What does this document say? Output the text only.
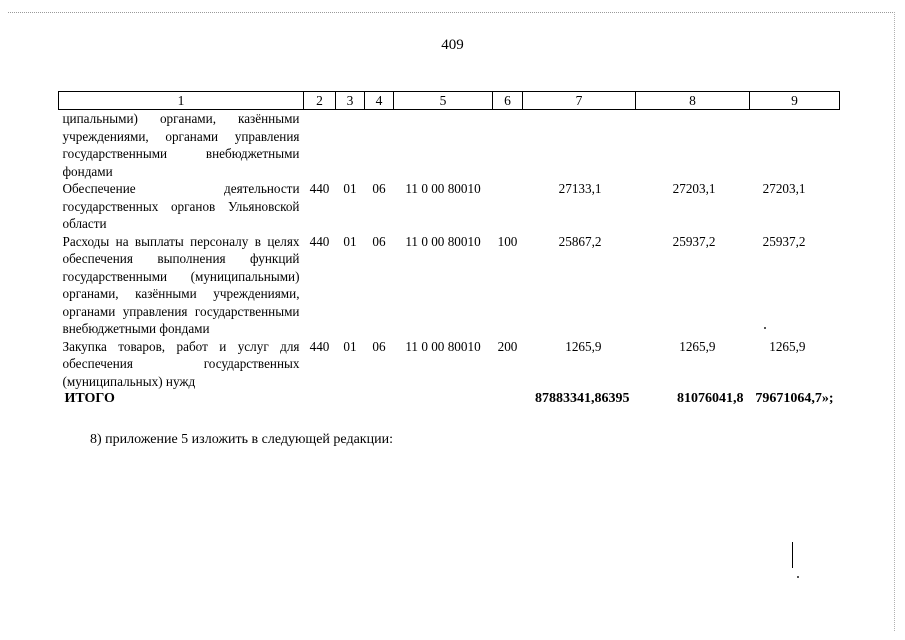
409
1	2	3	4	5	6	7	8	9
ципальными) органами, казёнными учреждениями, органами управления государственными внебюджетными фондами								
Обеспечение деятельности государственных органов Ульяновской области	440	01	06	11 0 00 80010		27133,1	27203,1	27203,1
Расходы на выплаты персоналу в целях обеспечения выполнения функций государственными (муниципальными) органами, казёнными учреждениями, органами управления государственными внебюджетными фондами	440	01	06	11 0 00 80010	100	25867,2	25937,2	25937,2
Закупка товаров, работ и услуг для обеспечения государственных (муниципальных) нужд	440	01	06	11 0 00 80010	200	1265,9	1265,9	1265,9
ИТОГО						87883341,86395	81076041,8	79671064,7»;
8) приложение 5 изложить в следующей редакции:
